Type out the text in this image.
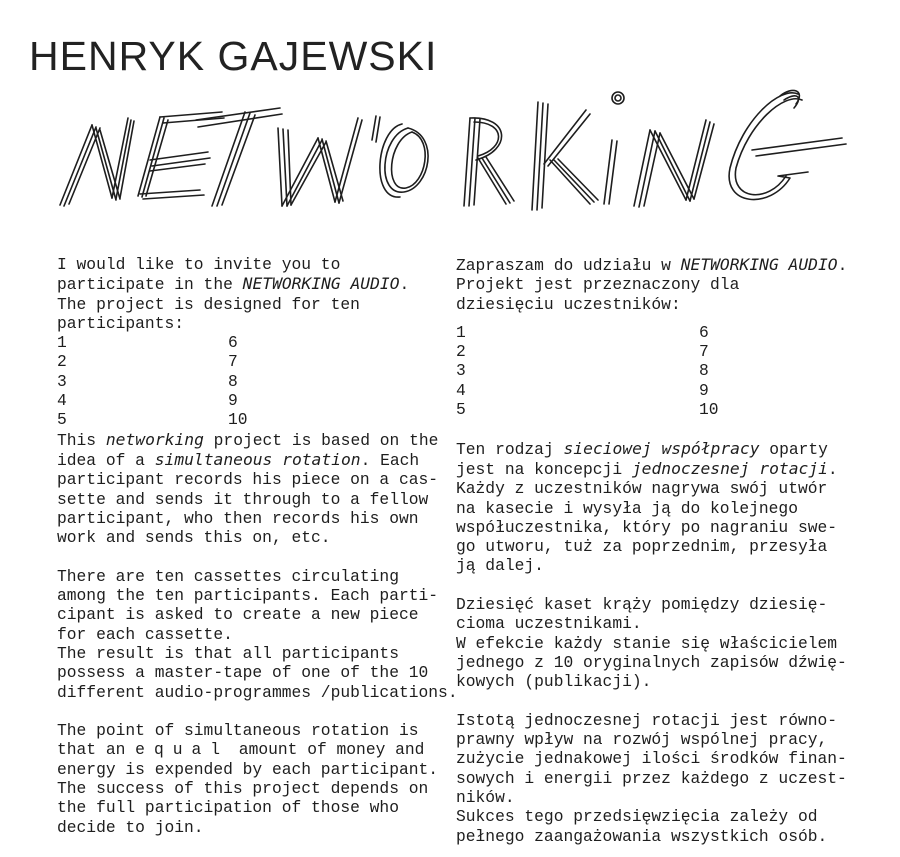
HENRYK GAJEWSKI

I would like to invite you to

participate in the NETWORKING AUDIO.

The project is designed for ten

participants:

1	6
2	7
3	8
4	9
5	10

This networking project is based on the

idea of a simultaneous rotation. Each

participant records his piece on a cas-

sette and sends it through to a fellow

participant, who then records his own

work and sends this on, etc.

There are ten cassettes circulating

among the ten participants. Each parti-

cipant is asked to create a new piece

for each cassette.

The result is that all participants

possess a master-tape of one of the 10

different audio-programmes /publications.

The point of simultaneous rotation is

that an equal amount of money and

energy is expended by each participant.

The success of this project depends on

the full participation of those who

decide to join.

Zapraszam do udziału w NETWORKING AUDIO.

Projekt jest przeznaczony dla

dziesięciu uczestników:

1	6
2	7
3	8
4	9
5	10

Ten rodzaj sieciowej współpracy oparty

jest na koncepcji jednoczesnej rotacji.

Każdy z uczestników nagrywa swój utwór

na kasecie i wysyła ją do kolejnego

współuczestnika, który po nagraniu swe-

go utworu, tuż za poprzednim, przesyła

ją dalej.

Dziesięć kaset krąży pomiędzy dziesię-

cioma uczestnikami.

W efekcie każdy stanie się właścicielem

jednego z 10 oryginalnych zapisów dźwię-

kowych (publikacji).

Istotą jednoczesnej rotacji jest równo-

prawny wpływ na rozwój wspólnej pracy,

zużycie jednakowej ilości środków finan-

sowych i energii przez każdego z uczest-

ników.

Sukces tego przedsięwzięcia zależy od

pełnego zaangażowania wszystkich osób.
